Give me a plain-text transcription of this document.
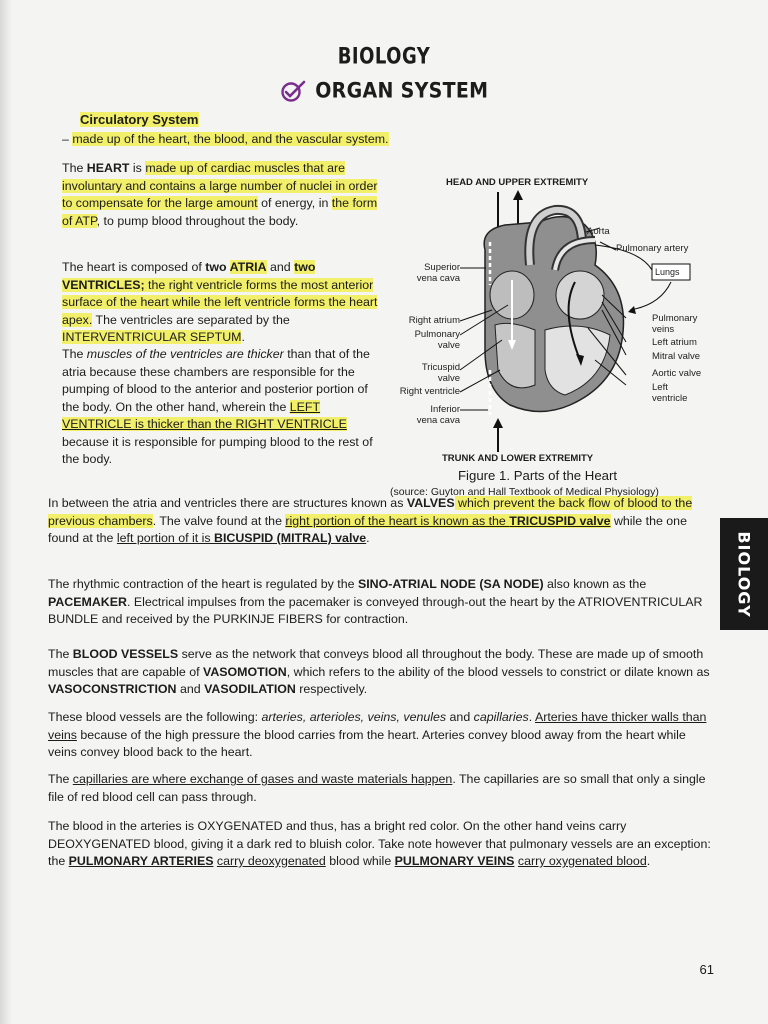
BIOLOGY
ORGAN SYSTEM
Circulatory System
– made up of the heart, the blood, and the vascular system.
The HEART is made up of cardiac muscles that are involuntary and contains a large number of nuclei in order to compensate for the large amount of energy, in the form of ATP, to pump blood throughout the body.
The heart is composed of two ATRIA and two VENTRICLES; the right ventricle forms the most anterior surface of the heart while the left ventricle forms the heart apex. The ventricles are separated by the INTERVENTRICULAR SEPTUM.
The muscles of the ventricles are thicker than that of the atria because these chambers are responsible for the pumping of blood to the anterior and posterior portion of the body. On the other hand, wherein the LEFT VENTRICLE is thicker than the RIGHT VENTRICLE because it is responsible for pumping blood to the rest of the body.
In between the atria and ventricles there are structures known as VALVES which prevent the back flow of blood to the previous chambers. The valve found at the right portion of the heart is known as the TRICUSPID valve while the one found at the left portion of it is BICUSPID (MITRAL) valve.
The rhythmic contraction of the heart is regulated by the SINO-ATRIAL NODE (SA NODE) also known as the PACEMAKER. Electrical impulses from the pacemaker is conveyed through-out the heart by the ATRIOVENTRICULAR BUNDLE and received by the PURKINJE FIBERS for contraction.
The BLOOD VESSELS serve as the network that conveys blood all throughout the body. These are made up of smooth muscles that are capable of VASOMOTION, which refers to the ability of the blood vessels to constrict or dilate known as VASOCONSTRICTION and VASODILATION respectively.
These blood vessels are the following: arteries, arterioles, veins, venules and capillaries. Arteries have thicker walls than veins because of the high pressure the blood carries from the heart. Arteries convey blood away from the heart while veins convey blood back to the heart.
The capillaries are where exchange of gases and waste materials happen. The capillaries are so small that only a single file of red blood cell can pass through.
The blood in the arteries is OXYGENATED and thus, has a bright red color. On the other hand veins carry DEOXYGENATED blood, giving it a dark red to bluish color. Take note however that pulmonary vessels are an exception: the PULMONARY ARTERIES carry deoxygenated blood while PULMONARY VEINS carry oxygenated blood.
HEAD AND UPPER EXTREMITY
Aorta
Pulmonary artery
Lungs
Superior vena cava
Right atrium
Pulmonary valve
Tricuspid valve
Right ventricle
Inferior vena cava
Pulmonary veins
Left atrium
Mitral valve
Aortic valve
Left ventricle
TRUNK AND LOWER EXTREMITY
Figure 1. Parts of the Heart
(source: Guyton and Hall Textbook of Medical Physiology)
BIOLOGY
61
